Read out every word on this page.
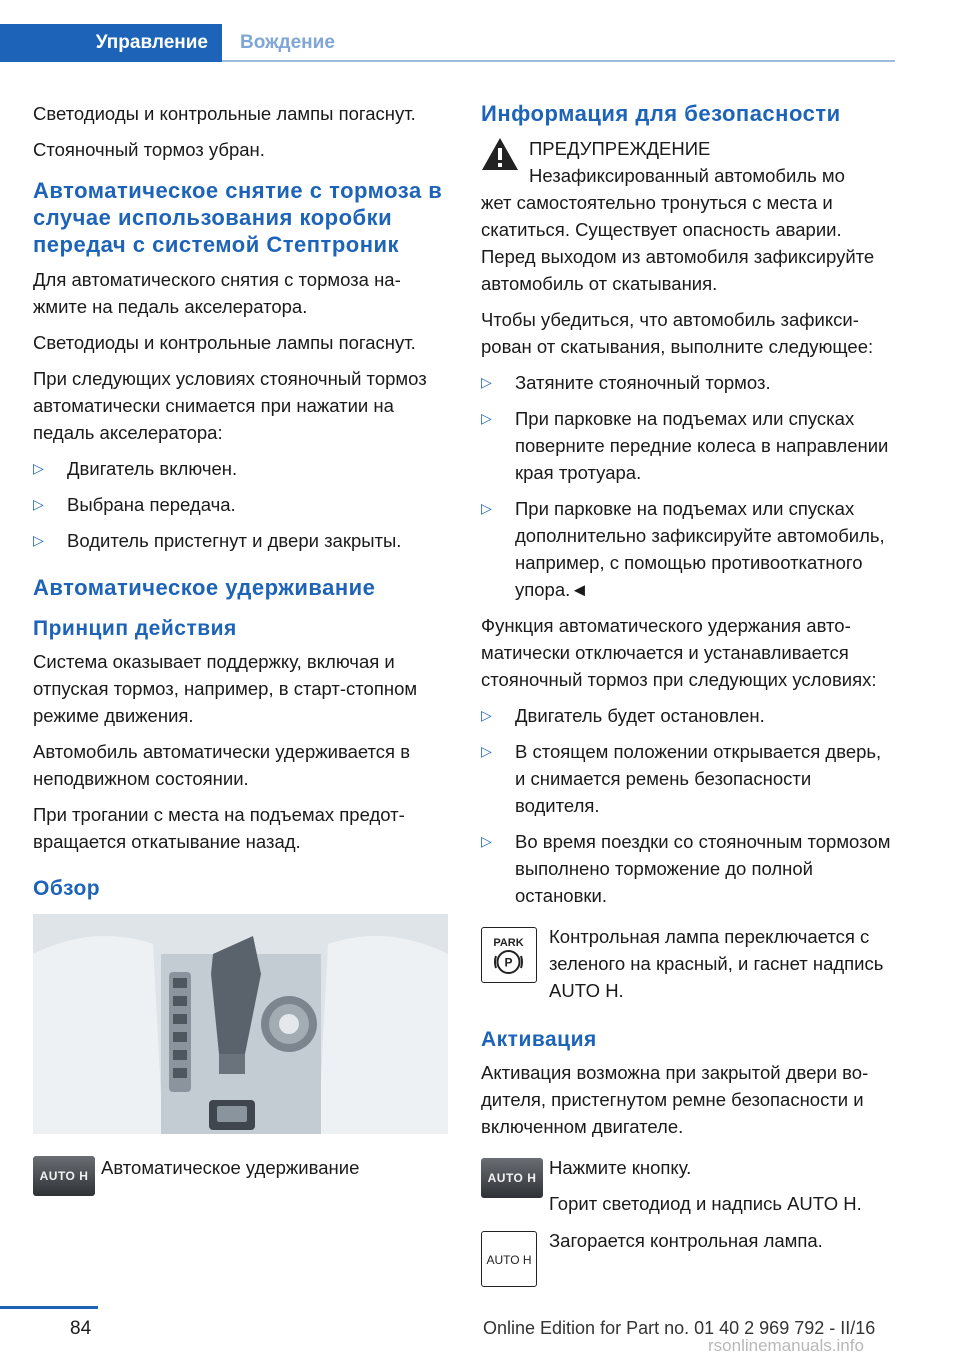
Управление	Вождение

Светодиоды и контрольные лампы погаснут.

Стояночный тормоз убран.

Автоматическое снятие с тормоза в случае использования коробки передач с системой Стептроник

Для автоматического снятия с тормоза нажмите на педаль акселератора.

Светодиоды и контрольные лампы погаснут.

При следующих условиях стояночный тормоз автоматически снимается при нажатии на педаль акселератора:

▷ Двигатель включен.
▷ Выбрана передача.
▷ Водитель пристегнут и двери закрыты.
Автоматическое удерживание
Принцип действия

Система оказывает поддержку, включая и отпуская тормоз, например, в старт-стопном режиме движения.

Автомобиль автоматически удерживается в неподвижном состоянии.

При трогании с места на подъемах предотвращается откатывание назад.

Обзор
AUTO H Автоматическое удерживание

Информация для безопасности
ПРЕДУПРЕЖДЕНИЕ
Незафиксированный автомобиль мо

жет самостоятельно тронуться с места и скатиться. Существует опасность аварии. Перед выходом из автомобиля зафиксируйте автомобиль от скатывания.

Чтобы убедиться, что автомобиль зафиксирован от скатывания, выполните следующее:

▷ Затяните стояночный тормоз.
▷ При парковке на подъемах или спусках поверните передние колеса в направлении края тротуара.
▷ При парковке на подъемах или спусках дополнительно зафиксируйте автомобиль, например, с помощью противооткатного упора.◄

Функция автоматического удержания автоматически отключается и устанавливается стояночный тормоз при следующих условиях:

▷ Двигатель будет остановлен.
▷ В стоящем положении открывается дверь, и снимается ремень безопасности водителя.
▷ Во время поездки со стояночным тормозом выполнено торможение до полной остановки.
PARK
P

Контрольная лампа переключается с зеленого на красный, и гаснет надпись AUTO H.

Активация

Активация возможна при закрытой двери водителя, пристегнутом ремне безопасности и включенном двигателе.

AUTO H Нажмите кнопку.

Горит светодиод и надпись AUTO H.

AUTO H

Загорается контрольная лампа.

84	Online Edition for Part no. 01 40 2 969 792 - II/16
rsonlinemanuals.info
